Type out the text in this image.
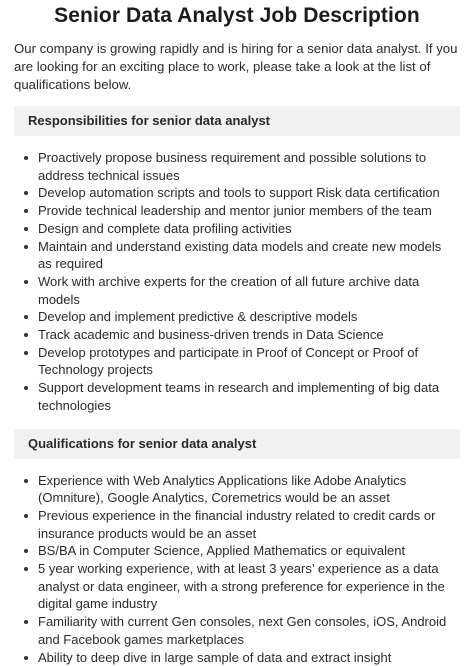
Senior Data Analyst Job Description

Our company is growing rapidly and is hiring for a senior data analyst. If you are looking for an exciting place to work, please take a look at the list of qualifications below.

Responsibilities for senior data analyst
Proactively propose business requirement and possible solutions to address technical issues
Develop automation scripts and tools to support Risk data certification
Provide technical leadership and mentor junior members of the team
Design and complete data profiling activities
Maintain and understand existing data models and create new models as required
Work with archive experts for the creation of all future archive data models
Develop and implement predictive & descriptive models
Track academic and business-driven trends in Data Science
Develop prototypes and participate in Proof of Concept or Proof of Technology projects
Support development teams in research and implementing of big data technologies
Qualifications for senior data analyst
Experience with Web Analytics Applications like Adobe Analytics (Omniture), Google Analytics, Coremetrics would be an asset
Previous experience in the financial industry related to credit cards or insurance products would be an asset
BS/BA in Computer Science, Applied Mathematics or equivalent
5 year working experience, with at least 3 years’ experience as a data analyst or data engineer, with a strong preference for experience in the digital game industry
Familiarity with current Gen consoles, next Gen consoles, iOS, Android and Facebook games marketplaces
Ability to deep dive in large sample of data and extract insight
